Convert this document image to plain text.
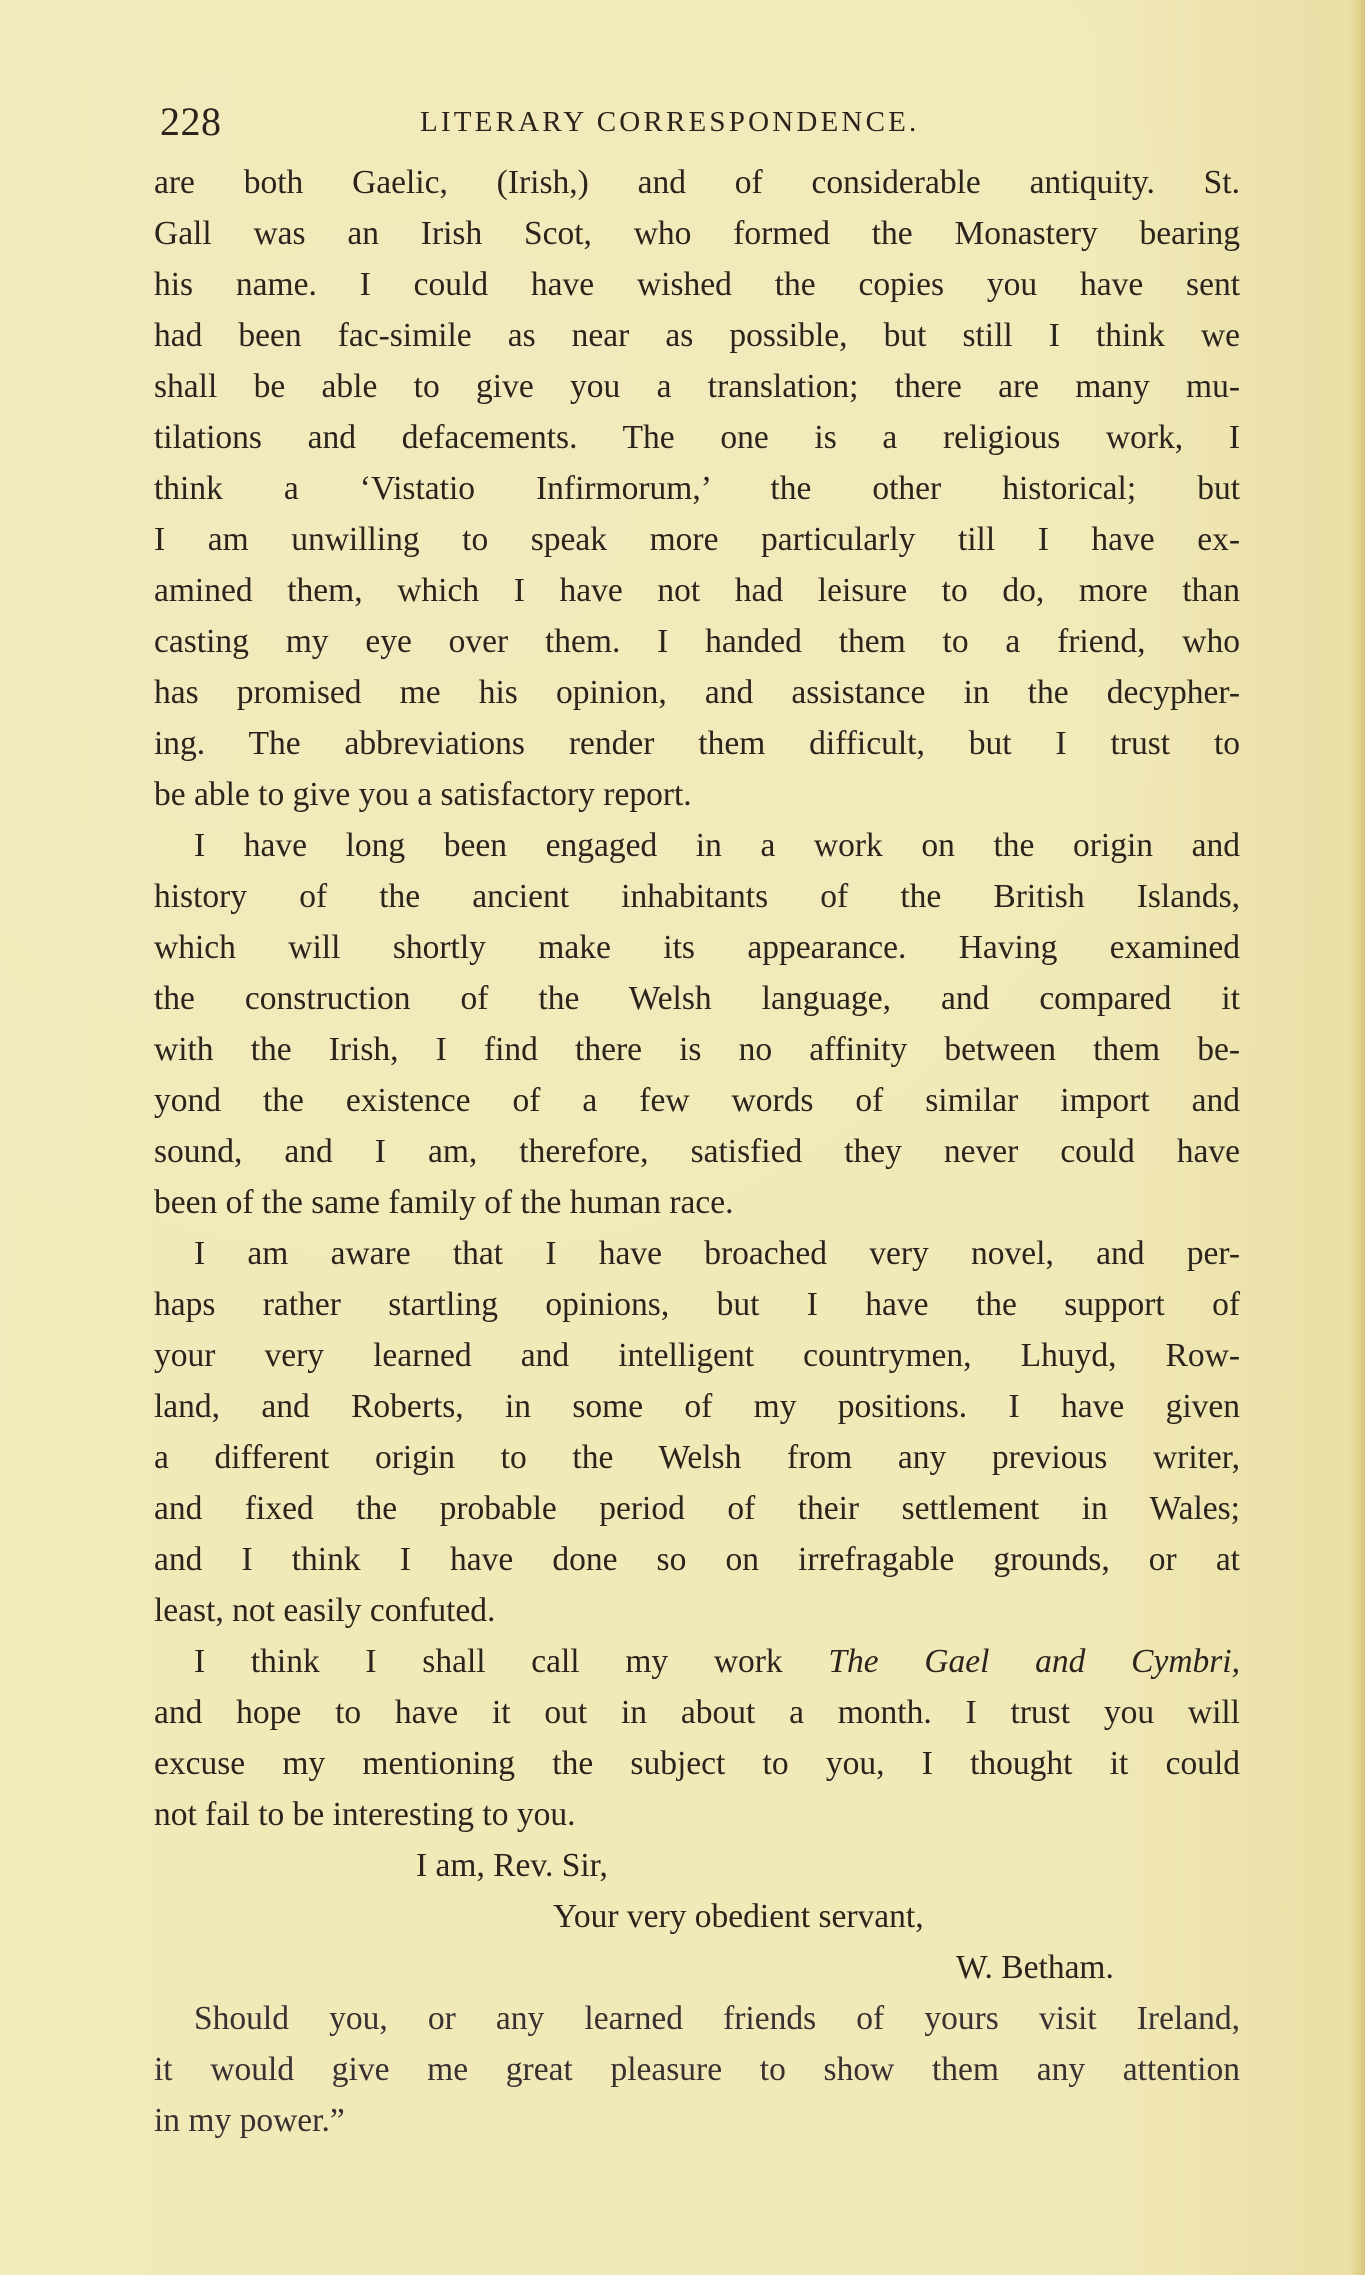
228	LITERARY CORRESPONDENCE.
are both Gaelic, (Irish,) and of considerable antiquity. St.
Gall was an Irish Scot, who formed the Monastery bearing
his name. I could have wished the copies you have sent
had been fac-simile as near as possible, but still I think we
shall be able to give you a translation; there are many mu-
tilations and defacements. The one is a religious work, I
think a ‘Vistatio Infirmorum,’ the other historical; but
I am unwilling to speak more particularly till I have ex-
amined them, which I have not had leisure to do, more than
casting my eye over them. I handed them to a friend, who
has promised me his opinion, and assistance in the decypher-
ing. The abbreviations render them difficult, but I trust to
be able to give you a satisfactory report.
I have long been engaged in a work on the origin and
history of the ancient inhabitants of the British Islands,
which will shortly make its appearance. Having examined
the construction of the Welsh language, and compared it
with the Irish, I find there is no affinity between them be-
yond the existence of a few words of similar import and
sound, and I am, therefore, satisfied they never could have
been of the same family of the human race.
I am aware that I have broached very novel, and per-
haps rather startling opinions, but I have the support of
your very learned and intelligent countrymen, Lhuyd, Row-
land, and Roberts, in some of my positions. I have given
a different origin to the Welsh from any previous writer,
and fixed the probable period of their settlement in Wales;
and I think I have done so on irrefragable grounds, or at
least, not easily confuted.
I think I shall call my work The Gael and Cymbri,
and hope to have it out in about a month. I trust you will
excuse my mentioning the subject to you, I thought it could
not fail to be interesting to you.
I am, Rev. Sir,
Your very obedient servant,
W. Betham.
Should you, or any learned friends of yours visit Ireland,
it would give me great pleasure to show them any attention
in my power.”
